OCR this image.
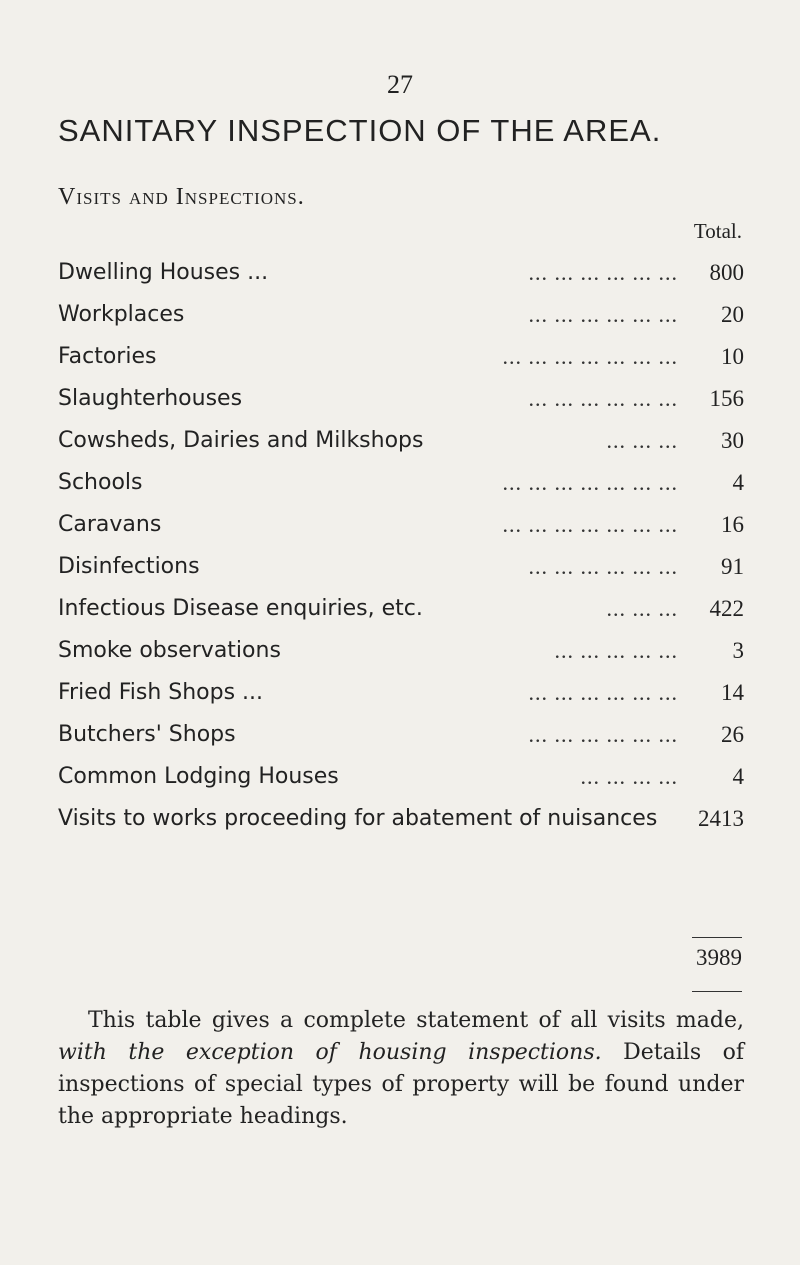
27
SANITARY INSPECTION OF THE AREA.
Visits and Inspections.
Total.
Dwelling Houses ...	... ... ... ... ... ... 800
Workplaces	... ... ... ... ... ... 20
Factories	... ... ... ... ... ... ... 10
Slaughterhouses	... ... ... ... ... ... 156
Cowsheds, Dairies and Milkshops	... ... ... 30
Schools	... ... ... ... ... ... ... 4
Caravans	... ... ... ... ... ... ... 16
Disinfections	... ... ... ... ... ... 91
Infectious Disease enquiries, etc.	... ... ... 422
Smoke observations	... ... ... ... ... 3
Fried Fish Shops ...	... ... ... ... ... ... 14
Butchers' Shops	... ... ... ... ... ... 26
Common Lodging Houses	... ... ... ... 4
Visits to works proceeding for abatement of nuisances 2413
3989

This table gives a complete statement of all visits made, with the exception of housing inspections. Details of inspections of special types of property will be found under the appropriate headings.
